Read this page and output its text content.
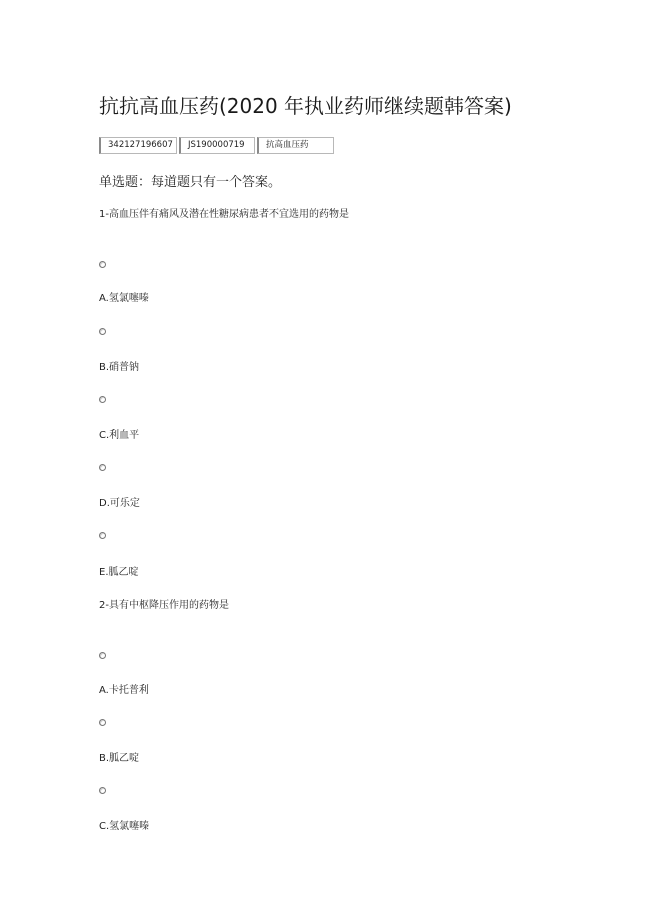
抗抗高血压药(2020 年执业药师继续题韩答案)
342127196607	JS190000719	抗高血压药
单选题：每道题只有一个答案。
1-高血压伴有痛风及潜在性糖尿病患者不宜选用的药物是
A.氢氯噻嗪
B.硝普钠
C.利血平
D.可乐定
E.胍乙啶
2-具有中枢降压作用的药物是
A.卡托普利
B.胍乙啶
C.氢氯噻嗪
